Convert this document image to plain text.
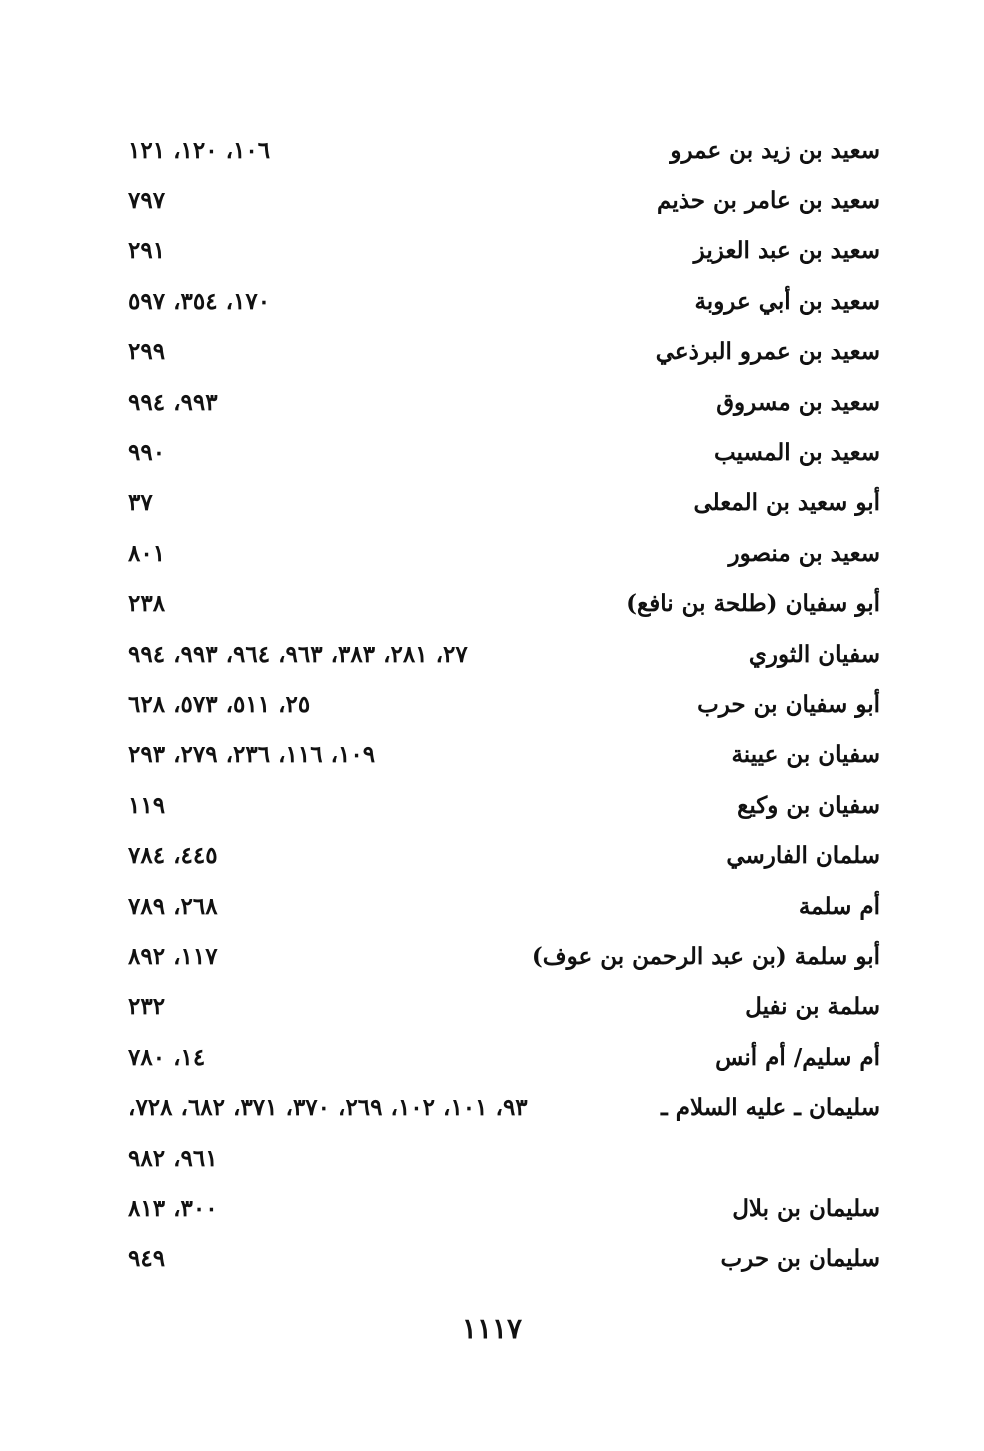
سعيد بن زيد بن عمرو
١٠٦، ١٢٠، ١٢١
سعيد بن عامر بن حذيم
٧٩٧
سعيد بن عبد العزيز
٢٩١
سعيد بن أبي عروبة
١٧٠، ٣٥٤، ٥٩٧
سعيد بن عمرو البرذعي
٢٩٩
سعيد بن مسروق
٩٩٣، ٩٩٤
سعيد بن المسيب
٩٩٠
أبو سعيد بن المعلى
٣٧
سعيد بن منصور
٨٠١
أبو سفيان (طلحة بن نافع)
٢٣٨
سفيان الثوري
٢٧، ٢٨١، ٣٨٣، ٩٦٣، ٩٦٤، ٩٩٣، ٩٩٤
أبو سفيان بن حرب
٢٥، ٥١١، ٥٧٣، ٦٢٨
سفيان بن عيينة
١٠٩، ١١٦، ٢٣٦، ٢٧٩، ٢٩٣
سفيان بن وكيع
١١٩
سلمان الفارسي
٤٤٥، ٧٨٤
أم سلمة
٢٦٨، ٧٨٩
أبو سلمة (بن عبد الرحمن بن عوف)
١١٧، ٨٩٢
سلمة بن نفيل
٢٣٢
أم سليم/ أم أنس
١٤، ٧٨٠
سليمان ـ عليه السلام ـ
٩٣، ١٠١، ١٠٢، ٢٦٩، ٣٧٠، ٣٧١، ٦٨٢، ٧٢٨،
٩٦١، ٩٨٢
سليمان بن بلال
٣٠٠، ٨١٣
سليمان بن حرب
٩٤٩
١١١٧
